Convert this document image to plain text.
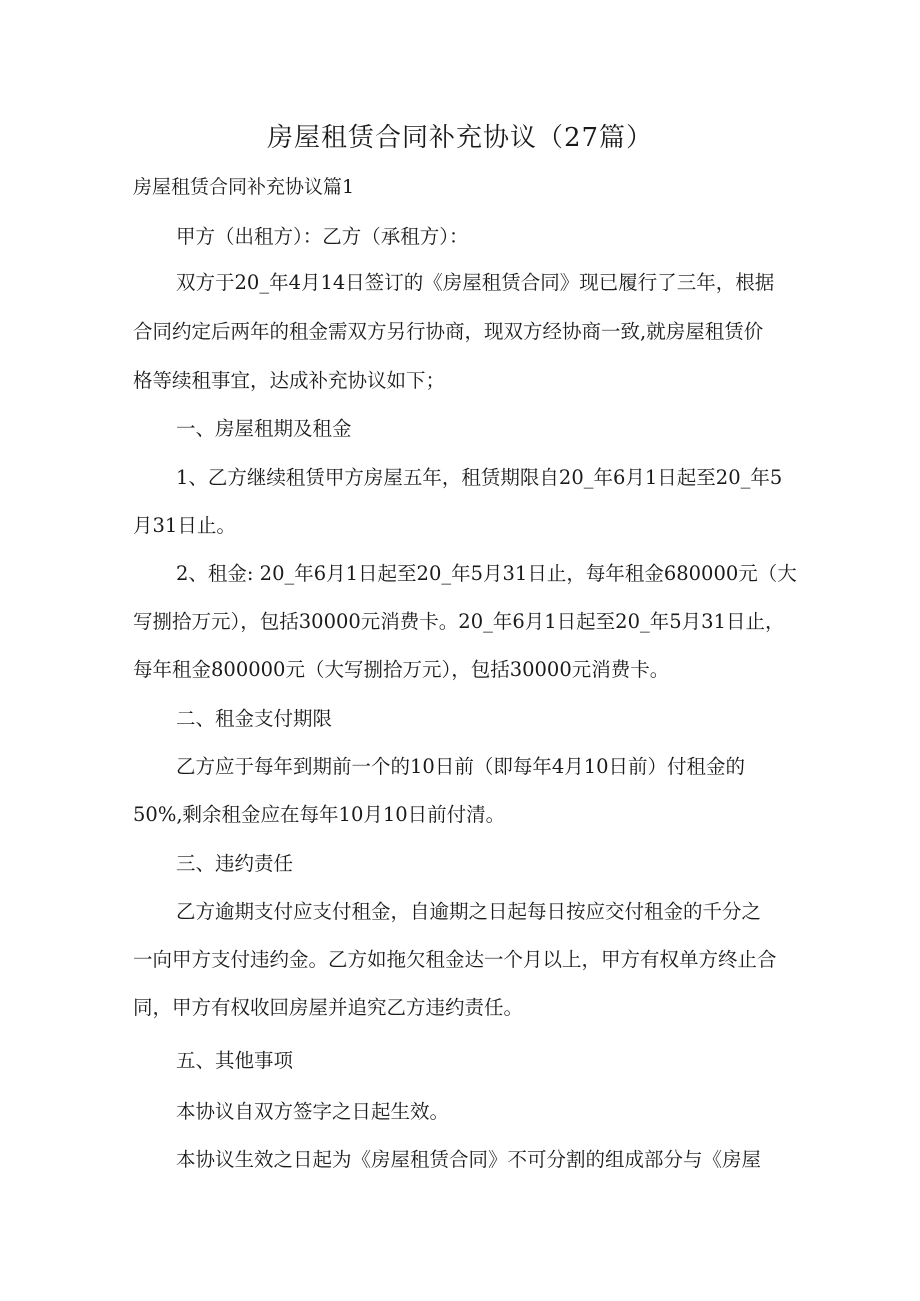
房屋租赁合同补充协议（27篇）

房屋租赁合同补充协议篇1

甲方（出租方）：乙方（承租方）：

双方于20_年4月14日签订的《房屋租赁合同》现已履行了三年，根据

合同约定后两年的租金需双方另行协商，现双方经协商一致,就房屋租赁价

格等续租事宜，达成补充协议如下；

一、房屋租期及租金

1、乙方继续租赁甲方房屋五年，租赁期限自20_年6月1日起至20_年5

月31日止。

2、租金: 20_年6月1日起至20_年5月31日止，每年租金680000元（大

写捌拾万元），包括30000元消费卡。20_年6月1日起至20_年5月31日止，

每年租金800000元（大写捌拾万元），包括30000元消费卡。

二、租金支付期限

乙方应于每年到期前一个的10日前（即每年4月10日前）付租金的

50%,剩余租金应在每年10月10日前付清。

三、违约责任

乙方逾期支付应支付租金，自逾期之日起每日按应交付租金的千分之

一向甲方支付违约金。乙方如拖欠租金达一个月以上，甲方有权单方终止合

同，甲方有权收回房屋并追究乙方违约责任。

五、其他事项

本协议自双方签字之日起生效。

本协议生效之日起为《房屋租赁合同》不可分割的组成部分与《房屋
